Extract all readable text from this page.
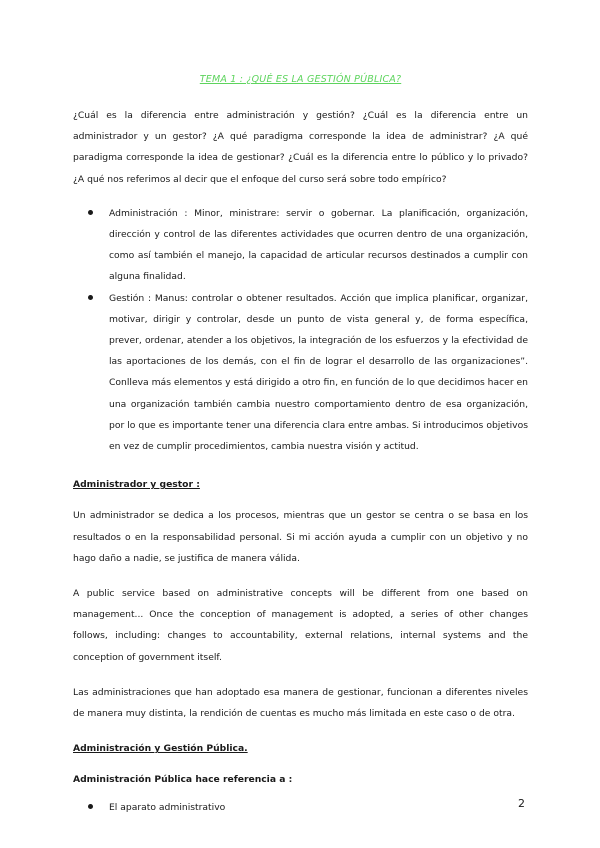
TEMA 1 : ¿QUÉ ES LA GESTIÓN PÚBLICA?

¿Cuál es la diferencia entre administración y gestión? ¿Cuál es la diferencia entre un administrador y un gestor? ¿A qué paradigma corresponde la idea de administrar? ¿A qué paradigma corresponde la idea de gestionar? ¿Cuál es la diferencia entre lo público y lo privado? ¿A qué nos referimos al decir que el enfoque del curso será sobre todo empírico?

Administración : Minor, ministrare: servir o gobernar. La planificación, organización, dirección y control de las diferentes actividades que ocurren dentro de una organización, como así también el manejo, la capacidad de articular recursos destinados a cumplir con alguna finalidad.
Gestión : Manus: controlar o obtener resultados. Acción que implica planificar, organizar, motivar, dirigir y controlar, desde un punto de vista general y, de forma específica, prever, ordenar, atender a los objetivos, la integración de los esfuerzos y la efectividad de las aportaciones de los demás, con el fin de lograr el desarrollo de las organizaciones”. Conlleva más elementos y está dirigido a otro fin, en función de lo que decidimos hacer en una organización también cambia nuestro comportamiento dentro de esa organización, por lo que es importante tener una diferencia clara entre ambas. Si introducimos objetivos en vez de cumplir procedimientos, cambia nuestra visión y actitud.
Administrador y gestor :

Un administrador se dedica a los procesos, mientras que un gestor se centra o se basa en los resultados o en la responsabilidad personal. Si mi acción ayuda a cumplir con un objetivo y no hago daño a nadie, se justifica de manera válida.

A public service based on administrative concepts will be different from one based on management... Once the conception of management is adopted, a series of other changes follows, including: changes to accountability, external relations, internal systems and the conception of government itself.

Las administraciones que han adoptado esa manera de gestionar, funcionan a diferentes niveles de manera muy distinta, la rendición de cuentas es mucho más limitada en este caso o de otra.

Administración y Gestión Pública.
Administración Pública hace referencia a :
El aparato administrativo	2
